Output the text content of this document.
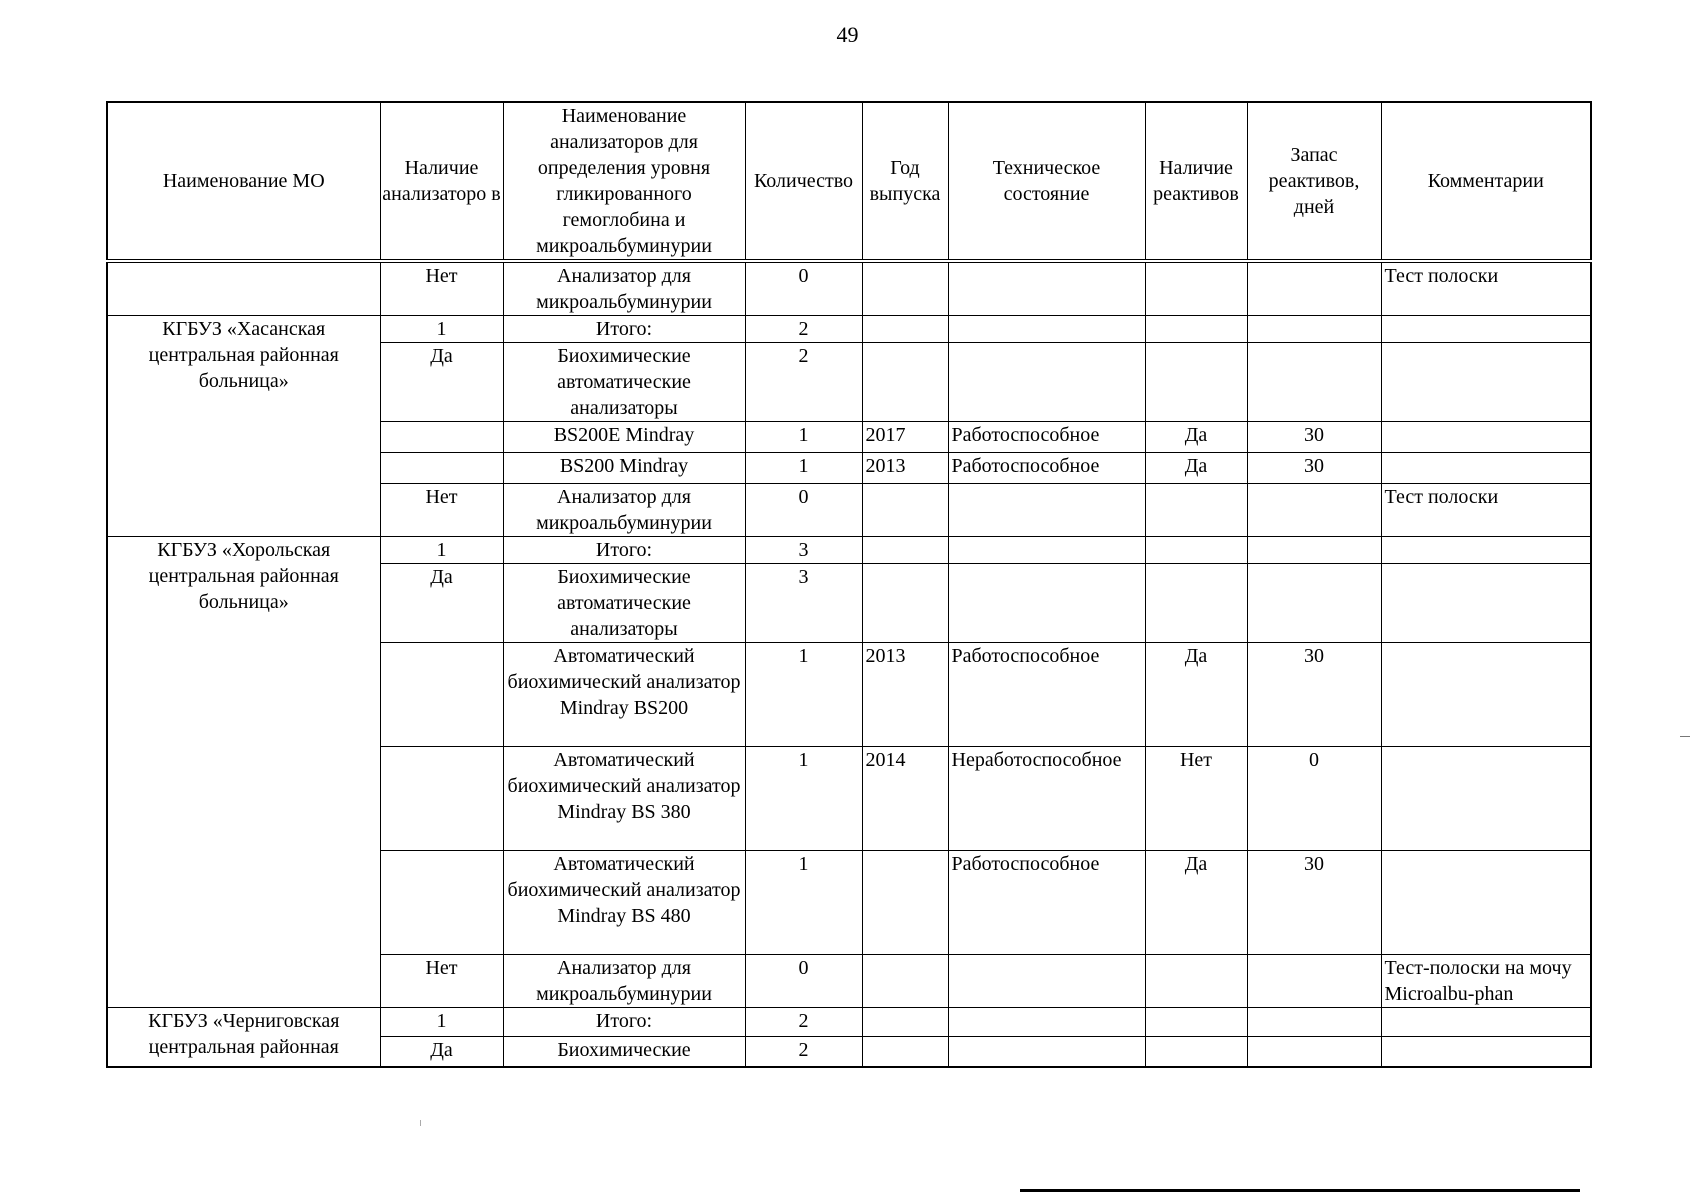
49
Наименование МО	Наличие анализаторо в	Наименование анализаторов для определения уровня гликированного гемоглобина и микроальбуминурии	Количество	Год выпуска	Техническое состояние	Наличие реактивов	Запас реактивов, дней	Комментарии
	Нет	Анализатор для микроальбуминурии	0					Тест полоски
КГБУЗ «Хасанская центральная районная больница»	1	Итого:	2					
	Да	Биохимические автоматические анализаторы	2					
		BS200E Mindray	1	2017	Работоспособное	Да	30	
		BS200 Mindray	1	2013	Работоспособное	Да	30	
	Нет	Анализатор для микроальбуминурии	0					Тест полоски
КГБУЗ «Хорольская центральная районная больница»	1	Итого:	3					
	Да	Биохимические автоматические анализаторы	3					
		Автоматический биохимический анализатор Mindray BS200	1	2013	Работоспособное	Да	30	
		Автоматический биохимический анализатор Mindray BS 380	1	2014	Неработоспособное	Нет	0	
		Автоматический биохимический анализатор Mindray BS 480	1		Работоспособное	Да	30	
	Нет	Анализатор для микроальбуминурии	0					Тест-полоски на мочу Microalbu-phan
КГБУЗ «Черниговская центральная районная	1	Итого:	2					
	Да	Биохимические	2					
